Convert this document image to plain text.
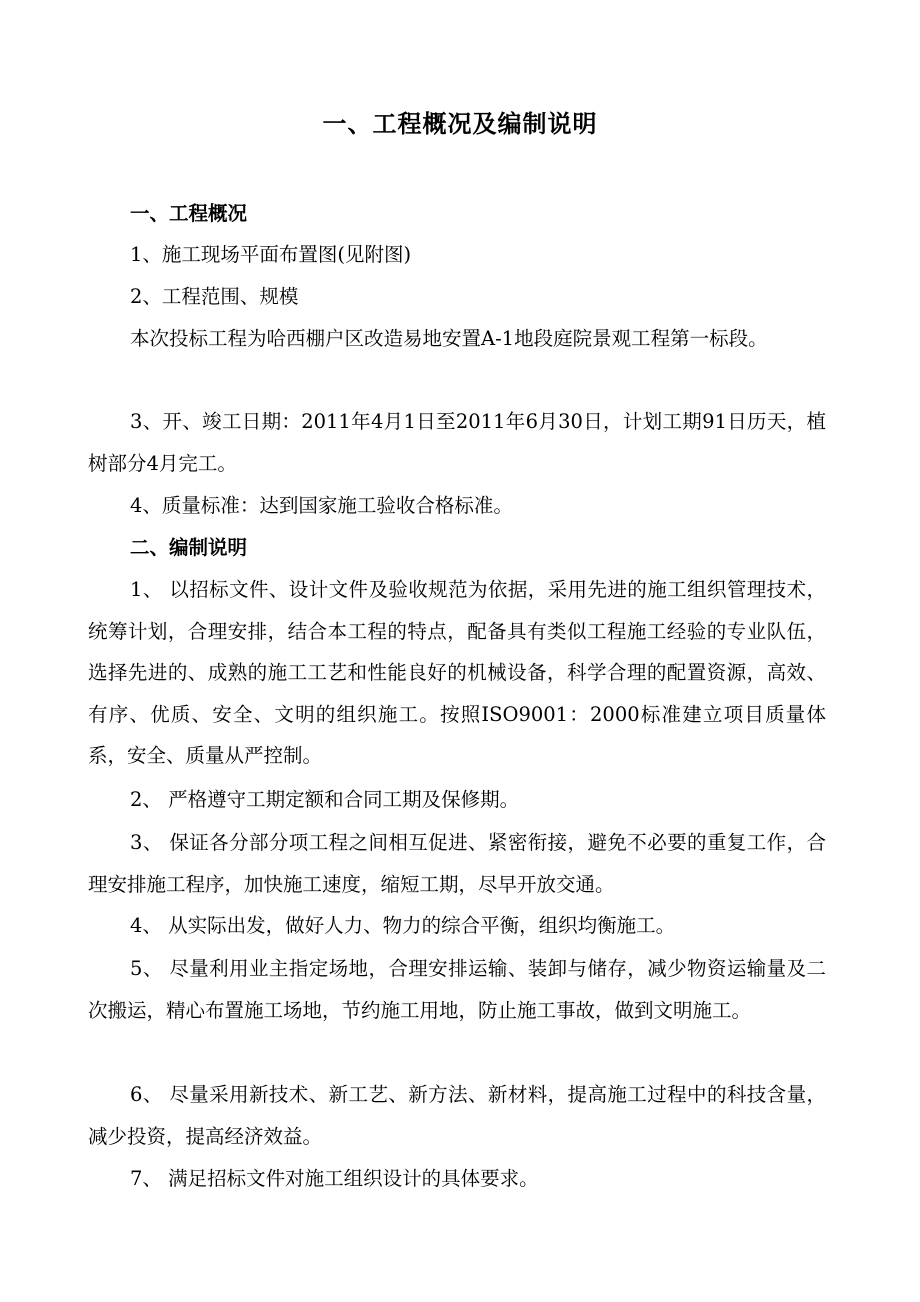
一、工程概况及编制说明

一、工程概况

1、施工现场平面布置图(见附图)

2、工程范围、规模

本次投标工程为哈西棚户区改造易地安置A-1地段庭院景观工程第一标段。

3、开、竣工日期：2011年4月1日至2011年6月30日，计划工期91日历天，植树部分4月完工。

4、质量标准：达到国家施工验收合格标准。

二、编制说明

1、 以招标文件、设计文件及验收规范为依据，采用先进的施工组织管理技术，统筹计划，合理安排，结合本工程的特点，配备具有类似工程施工经验的专业队伍，选择先进的、成熟的施工工艺和性能良好的机械设备，科学合理的配置资源，高效、有序、优质、安全、文明的组织施工。按照ISO9001：2000标准建立项目质量体系，安全、质量从严控制。

2、 严格遵守工期定额和合同工期及保修期。

3、 保证各分部分项工程之间相互促进、紧密衔接，避免不必要的重复工作，合理安排施工程序，加快施工速度，缩短工期，尽早开放交通。

4、 从实际出发，做好人力、物力的综合平衡，组织均衡施工。

5、 尽量利用业主指定场地，合理安排运输、装卸与储存，减少物资运输量及二次搬运，精心布置施工场地，节约施工用地，防止施工事故，做到文明施工。

6、 尽量采用新技术、新工艺、新方法、新材料，提高施工过程中的科技含量，减少投资，提高经济效益。

7、 满足招标文件对施工组织设计的具体要求。
